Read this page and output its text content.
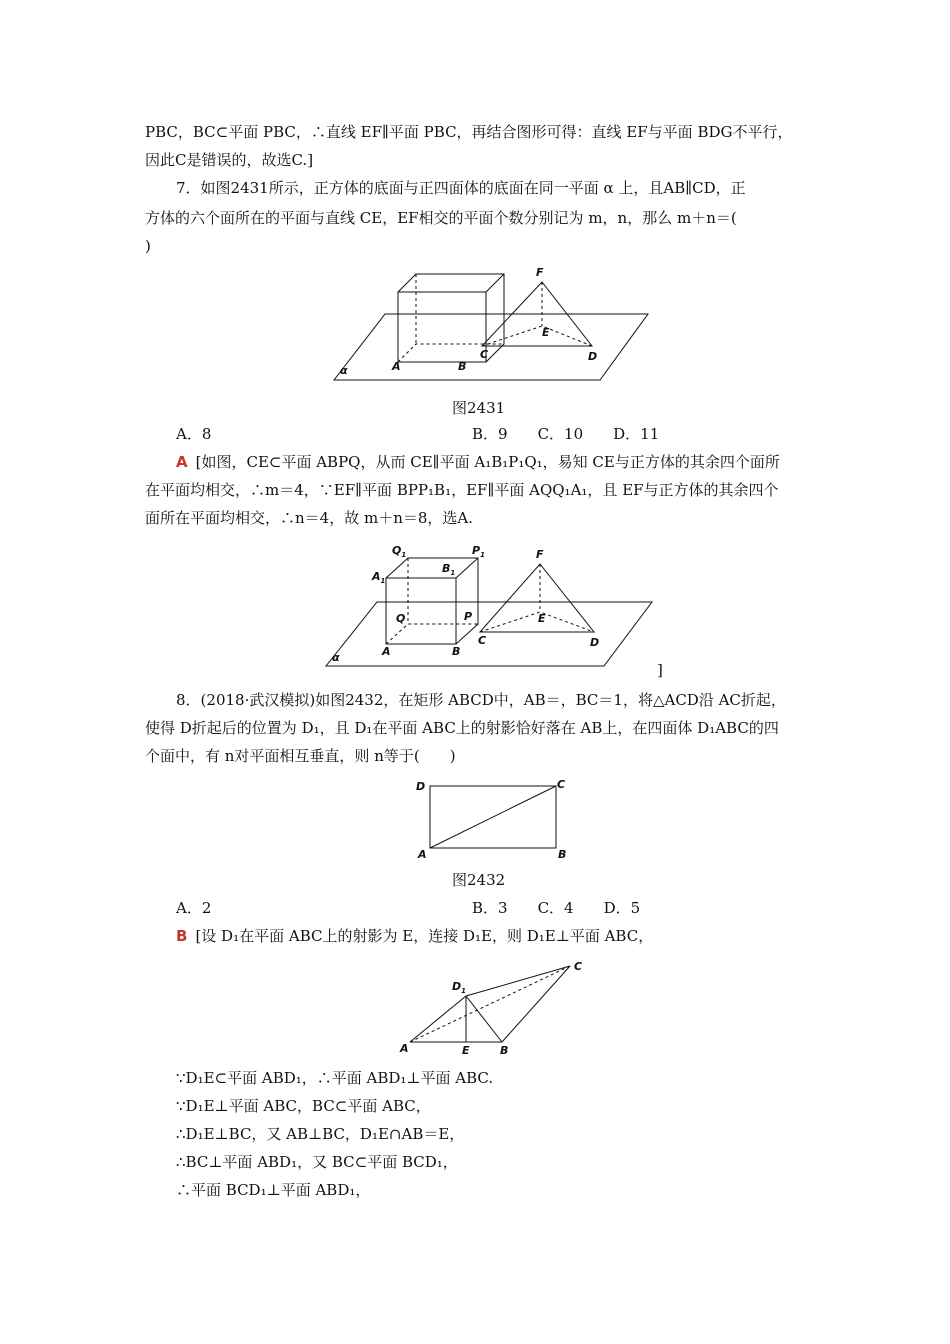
PBC，BC⊂平面 PBC，∴直线 EF∥平面 PBC，再结合图形可得：直线 EF与平面 BDG不平行，
因此C是错误的，故选C.]
7．如图2431所示，正方体的底面与正四面体的底面在同一平面 α 上，且AB∥CD，正
方体的六个面所在的平面与直线 CE，EF相交的平面个数分别记为 m，n，那么 m＋n＝(
)
α	A	B
C	D
E
F
图2431
A．8	B．9　　C．10　　D．11
A [如图，CE⊂平面 ABPQ，从而 CE∥平面 A₁B₁P₁Q₁，易知 CE与正方体的其余四个面所
在平面均相交，∴m＝4，∵EF∥平面 BPP₁B₁，EF∥平面 AQQ₁A₁，且 EF与正方体的其余四个
面所在平面均相交，∴n＝4，故 m＋n＝8，选A.
α	A	B
C	D
E
F
$Q_1$	$P_1$
$A_1$
$B_1$
Q	P
]
8．(2018·武汉模拟)如图2432，在矩形 ABCD中，AB＝，BC＝1，将△ACD沿 AC折起，
使得 D折起后的位置为 D₁，且 D₁在平面 ABC上的射影恰好落在 AB上，在四面体 D₁ABC的四
个面中，有 n对平面相互垂直，则 n等于(　　)
D	C
A	B
图2432
A．2	B．3　　C．4　　D．5
B [设 D₁在平面 ABC上的射影为 E，连接 D₁E，则 D₁E⊥平面 ABC，
A	E	B
C
$D_1$
∵D₁E⊂平面 ABD₁，∴平面 ABD₁⊥平面 ABC.
∵D₁E⊥平面 ABC，BC⊂平面 ABC，
∴D₁E⊥BC，又 AB⊥BC，D₁E∩AB＝E，
∴BC⊥平面 ABD₁，又 BC⊂平面 BCD₁，
∴平面 BCD₁⊥平面 ABD₁，
